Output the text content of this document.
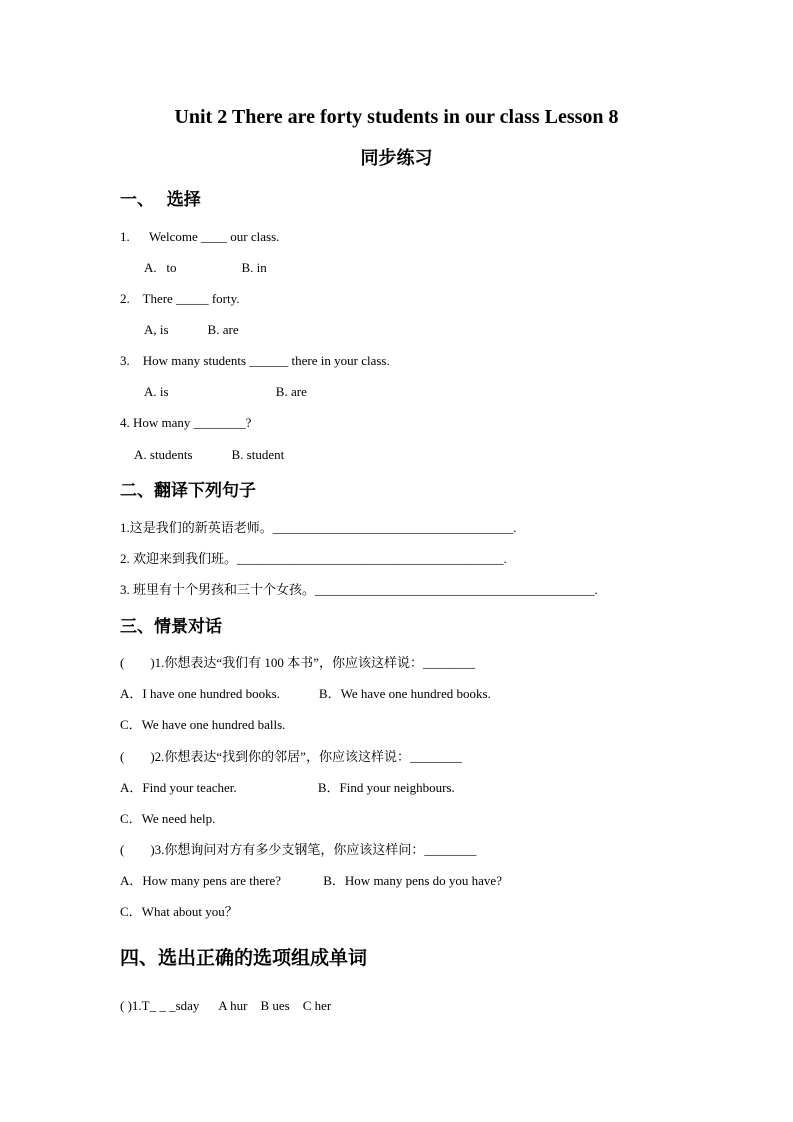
Unit 2 There are forty students in our class Lesson 8
同步练习
一、   选择
1.      Welcome ____ our class.
A.   to                    B. in
2.    There _____ forty.
A, is            B. are
3.    How many students ______ there in your class.
A. is                                 B. are
4. How many ________?
A. students            B. student
二、翻译下列句子
1.这是我们的新英语老师。_____________________________________.
2. 欢迎来到我们班。_________________________________________.
3. 班里有十个男孩和三十个女孩。___________________________________________.
三、情景对话
(        )1.你想表达“我们有 100 本书”，你应该这样说：________
A．I have one hundred books.            B．We have one hundred books.
C．We have one hundred balls.
(        )2.你想表达“找到你的邻居”，你应该这样说：________
A．Find your teacher.                         B．Find your neighbours.
C．We need help.
(        )3.你想询问对方有多少支钢笔，你应该这样问：________
A．How many pens are there?             B．How many pens do you have?
C．What about you？
四、选出正确的选项组成单词
( )1.T_ _ _sday      A hur    B ues    C her
